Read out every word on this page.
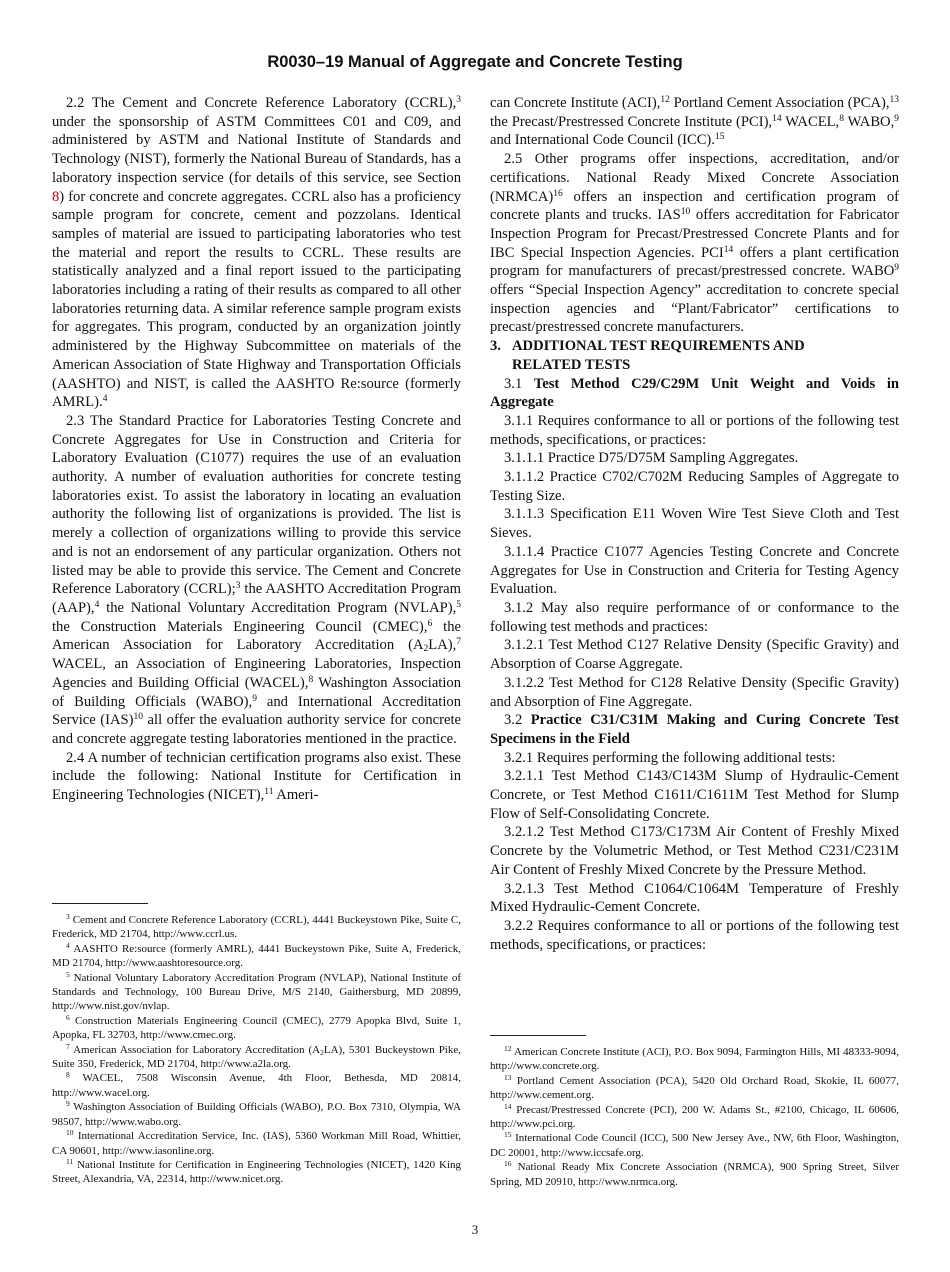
R0030–19 Manual of Aggregate and Concrete Testing

2.2 The Cement and Concrete Reference Laboratory (CCRL),$^3$ under the sponsorship of ASTM Committees C01 and C09, and administered by ASTM and National Institute of Standards and Technology (NIST), formerly the National Bureau of Standards, has a laboratory inspection service (for details of this service, see Section 8) for concrete and concrete aggregates. CCRL also has a proficiency sample program for concrete, cement and pozzolans. Identical samples of material are issued to participating laboratories who test the material and report the results to CCRL. These results are statistically analyzed and a final report issued to the participating laboratories including a rating of their results as compared to all other laboratories returning data. A similar reference sample program exists for aggregates. This program, conducted by an organization jointly administered by the Highway Subcommittee on materials of the American Association of State Highway and Transportation Officials (AASHTO) and NIST, is called the AASHTO Re:source (formerly AMRL).$^4$

2.3 The Standard Practice for Laboratories Testing Concrete and Concrete Aggregates for Use in Construction and Criteria for Laboratory Evaluation (C1077) requires the use of an evaluation authority. A number of evaluation authorities for concrete testing laboratories exist. To assist the laboratory in locating an evaluation authority the following list of organizations is provided. The list is merely a collection of organizations willing to provide this service and is not an endorsement of any particular organization. Others not listed may be able to provide this service. The Cement and Concrete Reference Laboratory (CCRL);$^3$ the AASHTO Accreditation Program (AAP),$^4$ the National Voluntary Accreditation Program (NVLAP),$^5$ the Construction Materials Engineering Council (CMEC),$^6$ the American Association for Laboratory Accreditation $(A_2LA),^7$ WACEL, an Association of Engineering Laboratories, Inspection Agencies and Building Official (WACEL),$^8$ Washington Association of Building Officials (WABO),$^9$ and International Accreditation Service (IAS)$^{10}$ all offer the evaluation authority service for concrete and concrete aggregate testing laboratories mentioned in the practice.

2.4 A number of technician certification programs also exist. These include the following: National Institute for Certification in Engineering Technologies (NICET),$^{11}$ Ameri-

can Concrete Institute (ACI),$^{12}$ Portland Cement Association (PCA),$^{13}$ the Precast/Prestressed Concrete Institute (PCI),$^{14}$ WACEL,$^8$ WABO,$^9$ and International Code Council (ICC).$^{15}$

2.5 Other programs offer inspections, accreditation, and/or certifications. National Ready Mixed Concrete Association (NRMCA)$^{16}$ offers an inspection and certification program of concrete plants and trucks. IAS$^{10}$ offers accreditation for Fabricator Inspection Program for Precast/Prestressed Concrete Plants and for IBC Special Inspection Agencies. PCI$^{14}$ offers a plant certification program for manufacturers of precast/prestressed concrete. WABO$^9$ offers “Special Inspection Agency” accreditation to concrete special inspection agencies and “Plant/Fabricator” certifications to precast/prestressed concrete manufacturers.

3. ADDITIONAL TEST REQUIREMENTS AND
RELATED TESTS

3.1 Test Method C29/C29M Unit Weight and Voids in Aggregate

3.1.1 Requires conformance to all or portions of the following test methods, specifications, or practices:

3.1.1.1 Practice D75/D75M Sampling Aggregates.

3.1.1.2 Practice C702/C702M Reducing Samples of Aggregate to Testing Size.

3.1.1.3 Specification E11 Woven Wire Test Sieve Cloth and Test Sieves.

3.1.1.4 Practice C1077 Agencies Testing Concrete and Concrete Aggregates for Use in Construction and Criteria for Testing Agency Evaluation.

3.1.2 May also require performance of or conformance to the following test methods and practices:

3.1.2.1 Test Method C127 Relative Density (Specific Gravity) and Absorption of Coarse Aggregate.

3.1.2.2 Test Method for C128 Relative Density (Specific Gravity) and Absorption of Fine Aggregate.

3.2 Practice C31/C31M Making and Curing Concrete Test Specimens in the Field

3.2.1 Requires performing the following additional tests:

3.2.1.1 Test Method C143/C143M Slump of Hydraulic-Cement Concrete, or Test Method C1611/C1611M Test Method for Slump Flow of Self-Consolidating Concrete.

3.2.1.2 Test Method C173/C173M Air Content of Freshly Mixed Concrete by the Volumetric Method, or Test Method C231/C231M Air Content of Freshly Mixed Concrete by the Pressure Method.

3.2.1.3 Test Method C1064/C1064M Temperature of Freshly Mixed Hydraulic-Cement Concrete.

3.2.2 Requires conformance to all or portions of the following test methods, specifications, or practices:

$^3$ Cement and Concrete Reference Laboratory (CCRL), 4441 Buckeystown Pike, Suite C, Frederick, MD 21704, http://www.ccrl.us.

$^4$ AASHTO Re:source (formerly AMRL), 4441 Buckeystown Pike, Suite A, Frederick, MD 21704, http://www.aashtoresource.org.

$^5$ National Voluntary Laboratory Accreditation Program (NVLAP), National Institute of Standards and Technology, 100 Bureau Drive, M/S 2140, Gaithersburg, MD 20899, http://www.nist.gov/nvlap.

$^6$ Construction Materials Engineering Council (CMEC), 2779 Apopka Blvd, Suite 1, Apopka, FL 32703, http://www.cmec.org.

$^7$ American Association for Laboratory Accreditation $(A_2LA)$, 5301 Buckeystown Pike, Suite 350, Frederick, MD 21704, http://www.a2la.org.

$^8$ WACEL, 7508 Wisconsin Avenue, 4th Floor, Bethesda, MD 20814, http://www.wacel.org.

$^9$ Washington Association of Building Officials (WABO), P.O. Box 7310, Olympia, WA 98507, http://www.wabo.org.

$^{10}$ International Accreditation Service, Inc. (IAS), 5360 Workman Mill Road, Whittier, CA 90601, http://www.iasonline.org.

$^{11}$ National Institute for Certification in Engineering Technologies (NICET), 1420 King Street, Alexandria, VA, 22314, http://www.nicet.org.

$^{12}$ American Concrete Institute (ACI), P.O. Box 9094, Farmington Hills, MI 48333-9094, http://www.concrete.org.

$^{13}$ Portland Cement Association (PCA), 5420 Old Orchard Road, Skokie, IL 60077, http://www.cement.org.

$^{14}$ Precast/Prestressed Concrete (PCI), 200 W. Adams St., #2100, Chicago, IL 60606, http://www.pci.org.

$^{15}$ International Code Council (ICC), 500 New Jersey Ave., NW, 6th Floor, Washington, DC 20001, http://www.iccsafe.org.

$^{16}$ National Ready Mix Concrete Association (NRMCA), 900 Spring Street, Silver Spring, MD 20910, http://www.nrmca.org.

3
